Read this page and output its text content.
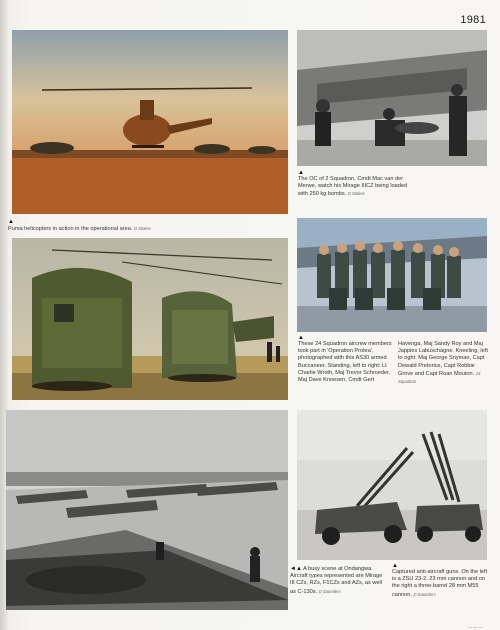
1981
▲
Puma helicopters in action in the operational area. D Stokes
▲
The OC of 2 Squadron, Cmdt Mac van der Merwe, watch his Mirage IIICZ being loaded with 250 kg bombs. D Stokes
▲
These 24 Squadron aircrew members took part in 'Operation Protea', photographed with this AS30 armed Buccaneer. Standing, left to right: Lt Charlie Wroth, Maj Trevor Schroeder, Maj Dave Knoesen, Cmdt Gert
Havenga, Maj Sandy Roy and Maj Jappies Labuschagne. Kneeling, left to right: Maj George Snyman, Capt Dewald Pretorius, Capt Robbie Grove and Capt Roan Mouton. 24 Squadron
◄▲ A busy scene at Ondangwa. Aircraft types represented are Mirage III CZs, RZs, F1CZs and AZs, as well as C-130s. D Saunders
▲
Captured anti-aircraft guns. On the left is a ZSU 23-2, 23 mm cannon and on the right a three-barrel 28 mm M55 cannon. D Saunders
_ _ _
